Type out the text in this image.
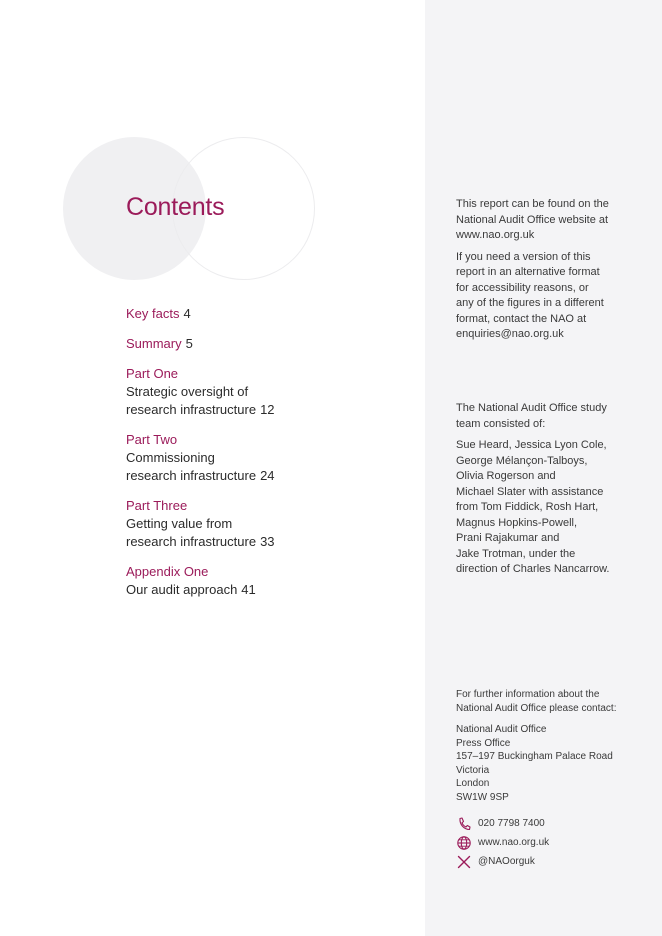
Contents
Key facts 4
Summary 5
Part One
Strategic oversight of
research infrastructure 12
Part Two
Commissioning
research infrastructure 24
Part Three
Getting value from
research infrastructure 33
Appendix One
Our audit approach 41

This report can be found on the
National Audit Office website at
www.nao.org.uk

If you need a version of this
report in an alternative format
for accessibility reasons, or
any of the figures in a different
format, contact the NAO at
enquiries@nao.org.uk

The National Audit Office study
team consisted of:

Sue Heard, Jessica Lyon Cole,
George Mélançon-Talboys,
Olivia Rogerson and
Michael Slater with assistance
from Tom Fiddick, Rosh Hart,
Magnus Hopkins-Powell,
Prani Rajakumar and
Jake Trotman, under the
direction of Charles Nancarrow.

For further information about the
National Audit Office please contact:

National Audit Office
Press Office
157–197 Buckingham Palace Road
Victoria
London
SW1W 9SP

020 7798 7400
www.nao.org.uk
@NAOorguk
